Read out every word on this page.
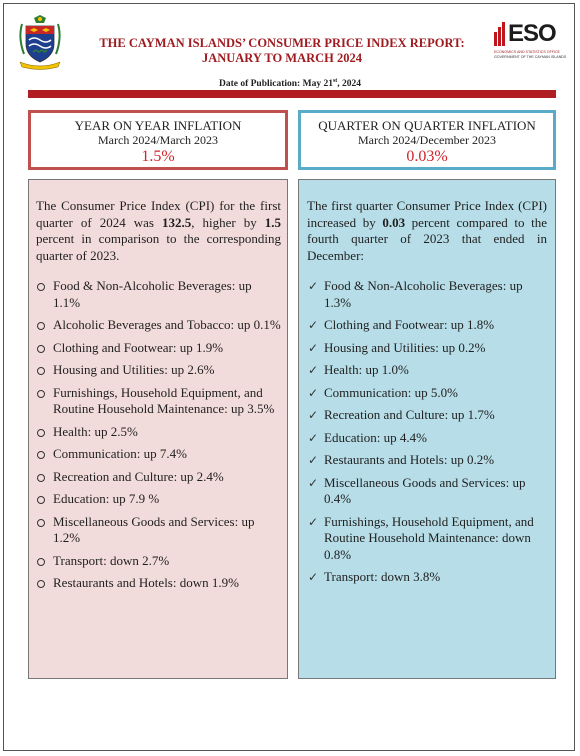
THE CAYMAN ISLANDS’ CONSUMER PRICE INDEX REPORT:
JANUARY TO MARCH 2024
ESO
ECONOMICS AND STATISTICS OFFICE
GOVERNMENT OF THE CAYMAN ISLANDS
Date of Publication: May 21st, 2024
YEAR ON YEAR INFLATION
March 2024/March 2023
1.5%
QUARTER ON QUARTER INFLATION
March 2024/December 2023
0.03%

The Consumer Price Index (CPI) for the first quarter of 2024 was 132.5, higher by 1.5 percent in comparison to the corresponding quarter of 2023.

Food & Non-Alcoholic Beverages: up 1.1%
Alcoholic Beverages and Tobacco: up 0.1%
Clothing and Footwear: up 1.9%
Housing and Utilities: up 2.6%
Furnishings, Household Equipment, and Routine Household Maintenance: up 3.5%
Health: up 2.5%
Communication: up 7.4%
Recreation and Culture: up 2.4%
Education: up 7.9 %
Miscellaneous Goods and Services: up 1.2%
Transport: down 2.7%
Restaurants and Hotels: down 1.9%

The first quarter Consumer Price Index (CPI) increased by 0.03 percent compared to the fourth quarter of 2023 that ended in December:

✓ Food & Non-Alcoholic Beverages: up 1.3%
✓ Clothing and Footwear: up 1.8%
✓ Housing and Utilities: up 0.2%
✓ Health: up 1.0%
✓ Communication: up 5.0%
✓ Recreation and Culture: up 1.7%
✓ Education: up 4.4%
✓ Restaurants and Hotels: up 0.2%
✓ Miscellaneous Goods and Services: up 0.4%
✓ Furnishings, Household Equipment, and Routine Household Maintenance: down 0.8%
✓ Transport: down 3.8%
